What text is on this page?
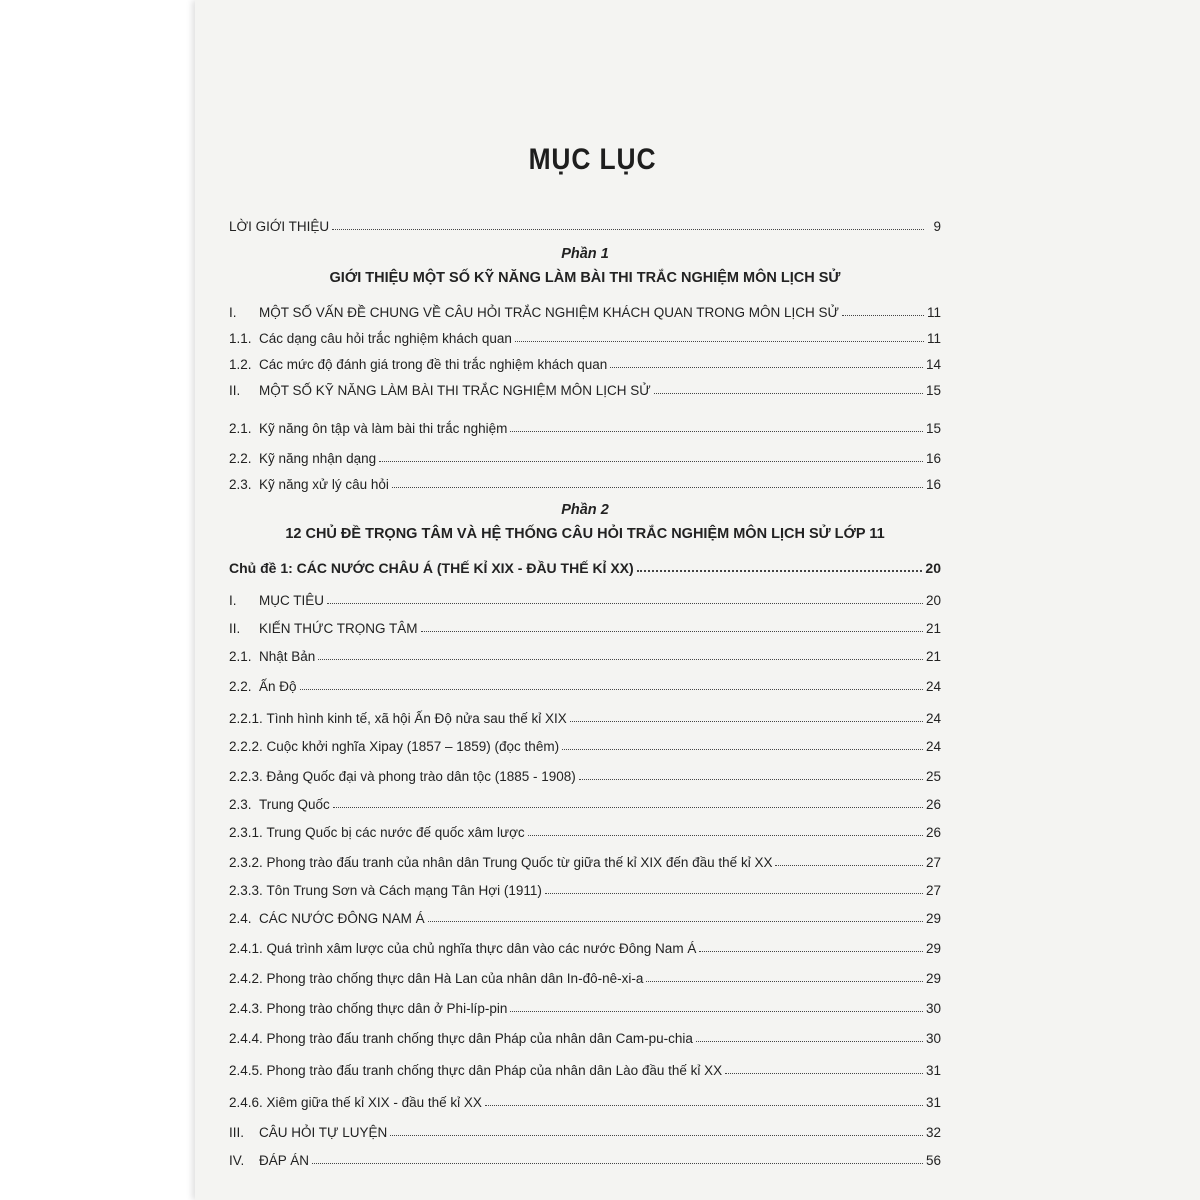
MỤC LỤC
LỜI GIỚI THIỆU	9
Phần 1
GIỚI THIỆU MỘT SỐ KỸ NĂNG LÀM BÀI THI TRẮC NGHIỆM MÔN LỊCH SỬ
I.	MỘT SỐ VẤN ĐỀ CHUNG VỀ CÂU HỎI TRẮC NGHIỆM KHÁCH QUAN TRONG MÔN LỊCH SỬ	11
1.1. Các dạng câu hỏi trắc nghiệm khách quan	11
1.2. Các mức độ đánh giá trong đề thi trắc nghiệm khách quan	14
II.	MỘT SỐ KỸ NĂNG LÀM BÀI THI TRẮC NGHIỆM MÔN LỊCH SỬ	15
2.1. Kỹ năng ôn tập và làm bài thi trắc nghiệm	15
2.2. Kỹ năng nhận dạng	16
2.3. Kỹ năng xử lý câu hỏi	16
Phần 2
12 CHỦ ĐỀ TRỌNG TÂM VÀ HỆ THỐNG CÂU HỎI TRẮC NGHIỆM MÔN LỊCH SỬ LỚP 11
Chủ đề 1: CÁC NƯỚC CHÂU Á (THẾ KỈ XIX - ĐẦU THẾ KỈ XX)	20
I.	MỤC TIÊU	20
II.	KIẾN THỨC TRỌNG TÂM	21
2.1. Nhật Bản	21
2.2. Ấn Độ	24
2.2.1. Tình hình kinh tế, xã hội Ấn Độ nửa sau thế kỉ XIX	24
2.2.2. Cuộc khởi nghĩa Xipay (1857 – 1859) (đọc thêm)	24
2.2.3. Đảng Quốc đại và phong trào dân tộc (1885 - 1908)	25
2.3. Trung Quốc	26
2.3.1. Trung Quốc bị các nước đế quốc xâm lược	26
2.3.2. Phong trào đấu tranh của nhân dân Trung Quốc từ giữa thế kỉ XIX đến đầu thế kỉ XX	27
2.3.3. Tôn Trung Sơn và Cách mạng Tân Hợi (1911)	27
2.4. CÁC NƯỚC ĐÔNG NAM Á	29
2.4.1. Quá trình xâm lược của chủ nghĩa thực dân vào các nước Đông Nam Á	29
2.4.2. Phong trào chống thực dân Hà Lan của nhân dân In-đô-nê-xi-a	29
2.4.3. Phong trào chống thực dân ở Phi-líp-pin	30
2.4.4. Phong trào đấu tranh chống thực dân Pháp của nhân dân Cam-pu-chia	30
2.4.5. Phong trào đấu tranh chống thực dân Pháp của nhân dân Lào đầu thế kỉ XX	31
2.4.6. Xiêm giữa thế kỉ XIX - đầu thế kỉ XX	31
III.	CÂU HỎI TỰ LUYỆN	32
IV.	ĐÁP ÁN	56
